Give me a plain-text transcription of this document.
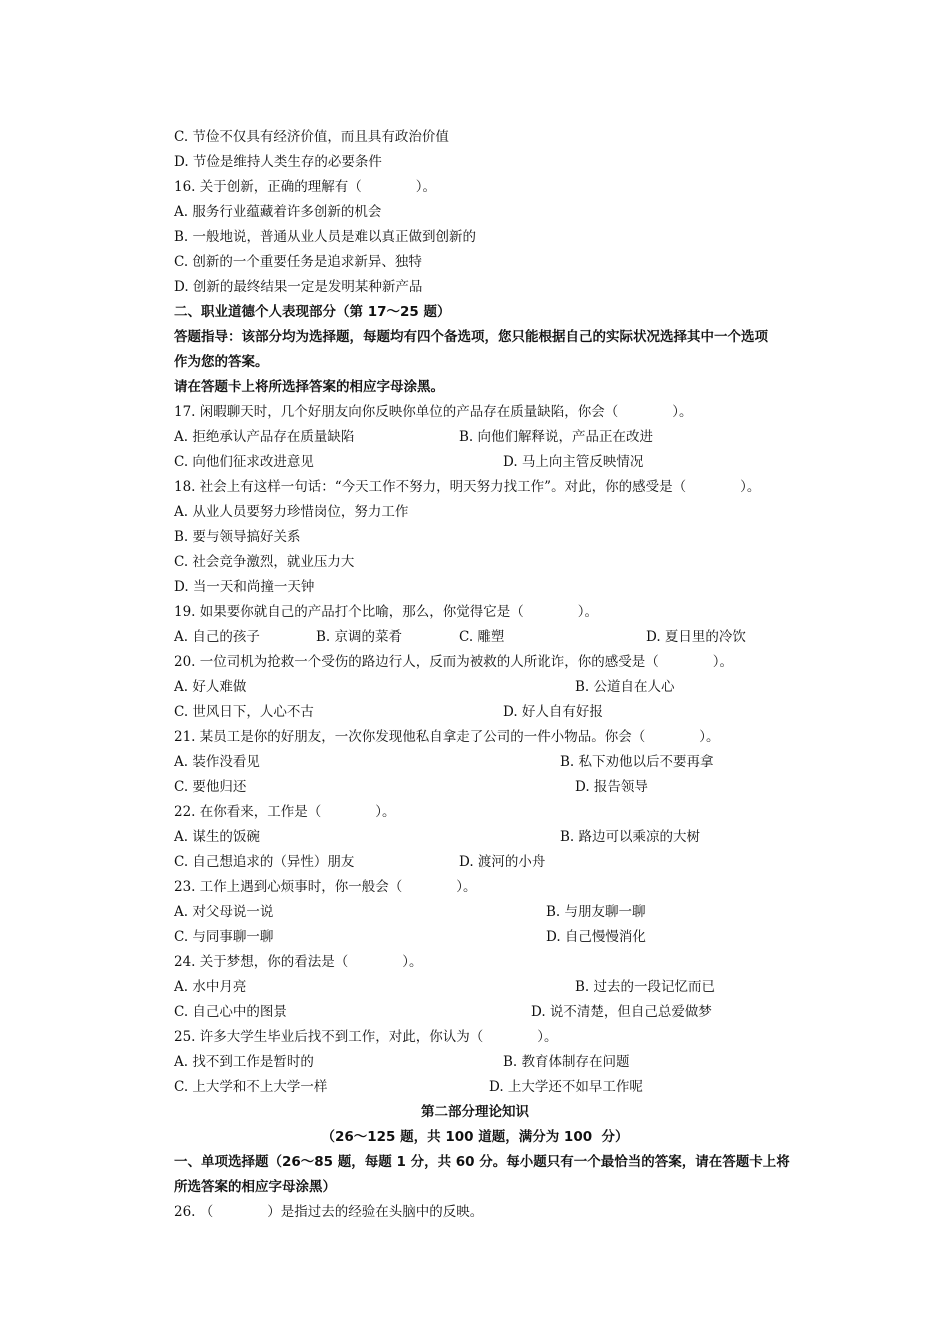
C. 节俭不仅具有经济价值，而且具有政治价值
D. 节俭是维持人类生存的必要条件
16. 关于创新，正确的理解有（　　　　）。
A. 服务行业蕴藏着许多创新的机会
B. 一般地说，普通从业人员是难以真正做到创新的
C. 创新的一个重要任务是追求新异、独特
D. 创新的最终结果一定是发明某种新产品
二、职业道德个人表现部分（第 17～25 题）
答题指导：该部分均为选择题，每题均有四个备选项，您只能根据自己的实际状况选择其中一个选项
作为您的答案。
请在答题卡上将所选择答案的相应字母涂黑。
17. 闲暇聊天时，几个好朋友向你反映你单位的产品存在质量缺陷，你会（　　　　）。
A. 拒绝承认产品存在质量缺陷	B. 向他们解释说，产品正在改进
C. 向他们征求改进意见	D. 马上向主管反映情况
18. 社会上有这样一句话：“今天工作不努力，明天努力找工作”。对此，你的感受是（　　　　）。
A. 从业人员要努力珍惜岗位，努力工作
B. 要与领导搞好关系
C. 社会竞争激烈，就业压力大
D. 当一天和尚撞一天钟
19. 如果要你就自己的产品打个比喻，那么，你觉得它是（　　　　）。
A. 自己的孩子	B. 京调的菜肴	C. 雕塑	D. 夏日里的冷饮
20. 一位司机为抢救一个受伤的路边行人，反而为被救的人所讹诈，你的感受是（　　　　）。
A. 好人难做	B. 公道自在人心
C. 世风日下，人心不古	D. 好人自有好报
21. 某员工是你的好朋友，一次你发现他私自拿走了公司的一件小物品。你会（　　　　）。
A. 装作没看见	B. 私下劝他以后不要再拿
C. 要他归还	D. 报告领导
22. 在你看来，工作是（　　　　）。
A. 谋生的饭碗	B. 路边可以乘凉的大树
C. 自己想追求的（异性）朋友	D. 渡河的小舟
23. 工作上遇到心烦事时，你一般会（　　　　）。
A. 对父母说一说	B. 与朋友聊一聊
C. 与同事聊一聊	D. 自己慢慢消化
24. 关于梦想，你的看法是（　　　　）。
A. 水中月亮	B. 过去的一段记忆而已
C. 自己心中的图景	D. 说不清楚，但自己总爱做梦
25. 许多大学生毕业后找不到工作，对此，你认为（　　　　）。
A. 找不到工作是暂时的	B. 教育体制存在问题
C. 上大学和不上大学一样	D. 上大学还不如早工作呢
第二部分理论知识
（26～125 题，共 100 道题，满分为 100  分）
一、单项选择题（26～85 题，每题 1 分，共 60 分。每小题只有一个最恰当的答案，请在答题卡上将
所选答案的相应字母涂黑）
26. （　　　　）是指过去的经验在头脑中的反映。
